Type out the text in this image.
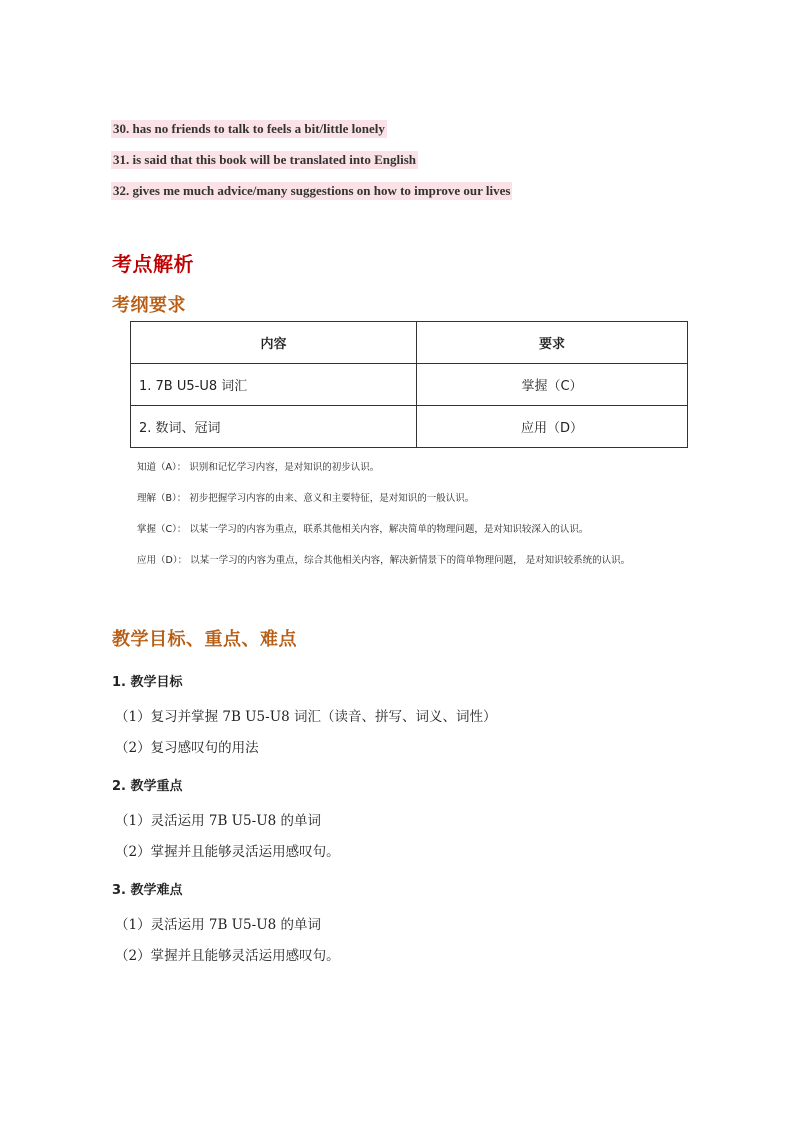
30. has no friends to talk to feels a bit/little lonely
31. is said that this book will be translated into English
32. gives me much advice/many suggestions on how to improve our lives
考点解析
考纲要求
内容	要求
1. 7B U5-U8 词汇	掌握（C）
2. 数词、冠词	应用（D）
知道（A）： 识别和记忆学习内容，是对知识的初步认识。
理解（B）： 初步把握学习内容的由来、意义和主要特征，是对知识的一般认识。
掌握（C）： 以某一学习的内容为重点，联系其他相关内容，解决简单的物理问题，是对知识较深入的认识。
应用（D）： 以某一学习的内容为重点，综合其他相关内容，解决新情景下的简单物理问题， 是对知识较系统的认识。
教学目标、重点、难点
1. 教学目标
（1）复习并掌握 7B U5-U8 词汇（读音、拼写、词义、词性）
（2）复习感叹句的用法
2. 教学重点
（1）灵活运用 7B U5-U8 的单词
（2）掌握并且能够灵活运用感叹句。
3. 教学难点
（1）灵活运用 7B U5-U8 的单词
（2）掌握并且能够灵活运用感叹句。
